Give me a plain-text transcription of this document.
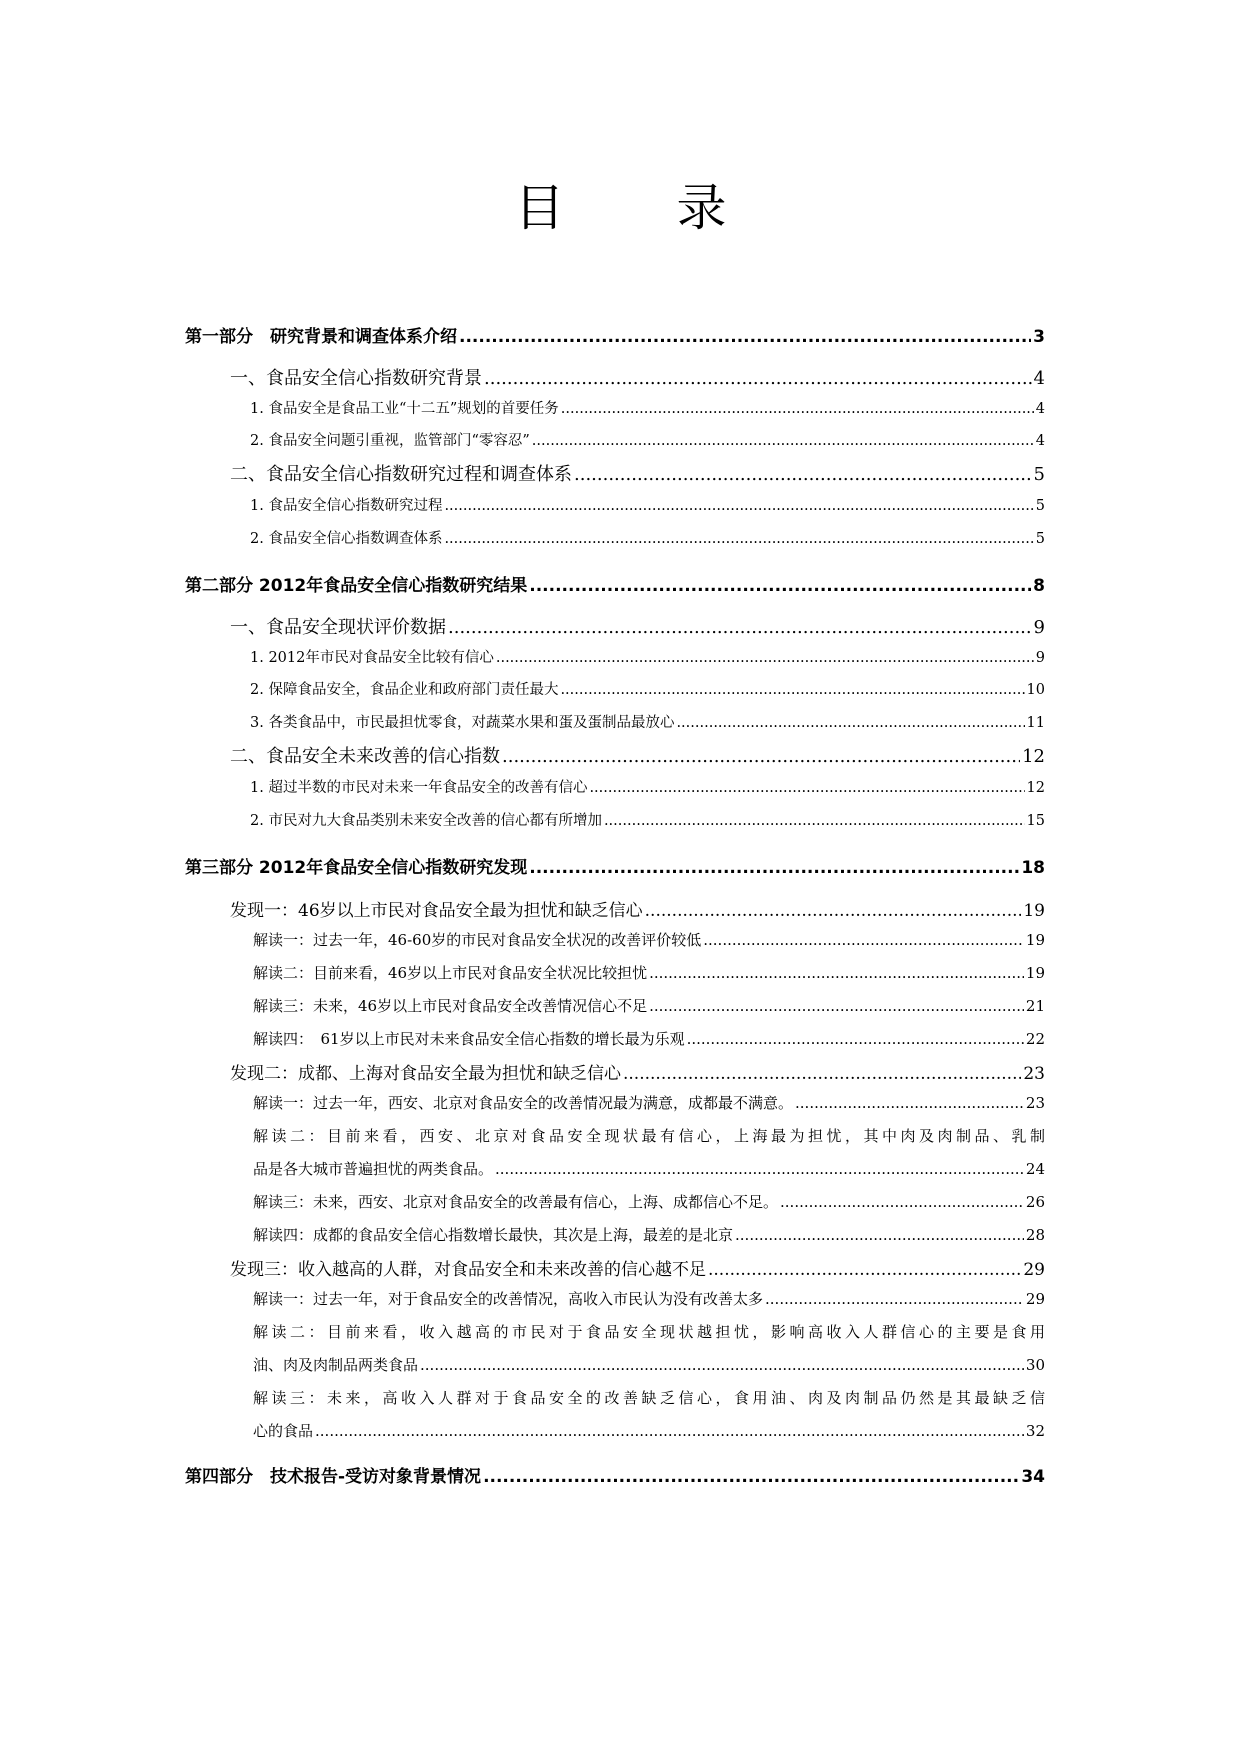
目 录
第一部分　研究背景和调查体系介绍 .....	3
一、食品安全信心指数研究背景 .....	4
1. 食品安全是食品工业“十二五”规划的首要任务 .....	4
2. 食品安全问题引重视，监管部门“零容忍” .....	4
二、食品安全信心指数研究过程和调查体系 .....	5
1. 食品安全信心指数研究过程 .....	5
2. 食品安全信心指数调查体系 .....	5
第二部分 2012年食品安全信心指数研究结果 .....	8
一、食品安全现状评价数据 .....	9
1. 2012年市民对食品安全比较有信心 .....	9
2. 保障食品安全，食品企业和政府部门责任最大 .....	10
3. 各类食品中，市民最担忧零食，对蔬菜水果和蛋及蛋制品最放心 .....	11
二、食品安全未来改善的信心指数 .....	12
1. 超过半数的市民对未来一年食品安全的改善有信心 .....	12
2. 市民对九大食品类别未来安全改善的信心都有所增加 .....	15
第三部分 2012年食品安全信心指数研究发现 .....	18
发现一：46岁以上市民对食品安全最为担忧和缺乏信心 .....	19
解读一：过去一年，46-60岁的市民对食品安全状况的改善评价较低 .....	19
解读二：目前来看，46岁以上市民对食品安全状况比较担忧 .....	19
解读三：未来，46岁以上市民对食品安全改善情况信心不足 .....	21
解读四：　61岁以上市民对未来食品安全信心指数的增长最为乐观 .....	22
发现二：成都、上海对食品安全最为担忧和缺乏信心 .....	23
解读一：过去一年，西安、北京对食品安全的改善情况最为满意，成都最不满意。 .....	23
解读二：目前来看，西安、北京对食品安全现状最有信心，上海最为担忧，其中肉及肉制品、乳制
品是各大城市普遍担忧的两类食品。 .....	24
解读三：未来，西安、北京对食品安全的改善最有信心，上海、成都信心不足。 .....	26
解读四：成都的食品安全信心指数增长最快，其次是上海，最差的是北京 .....	28
发现三：收入越高的人群，对食品安全和未来改善的信心越不足 .....	29
解读一：过去一年，对于食品安全的改善情况，高收入市民认为没有改善太多 .....	29
解读二：目前来看，收入越高的市民对于食品安全现状越担忧，影响高收入人群信心的主要是食用
油、肉及肉制品两类食品 .....	30
解读三：未来，高收入人群对于食品安全的改善缺乏信心，食用油、肉及肉制品仍然是其最缺乏信
心的食品 .....	32
第四部分　技术报告-受访对象背景情况 .....	34
